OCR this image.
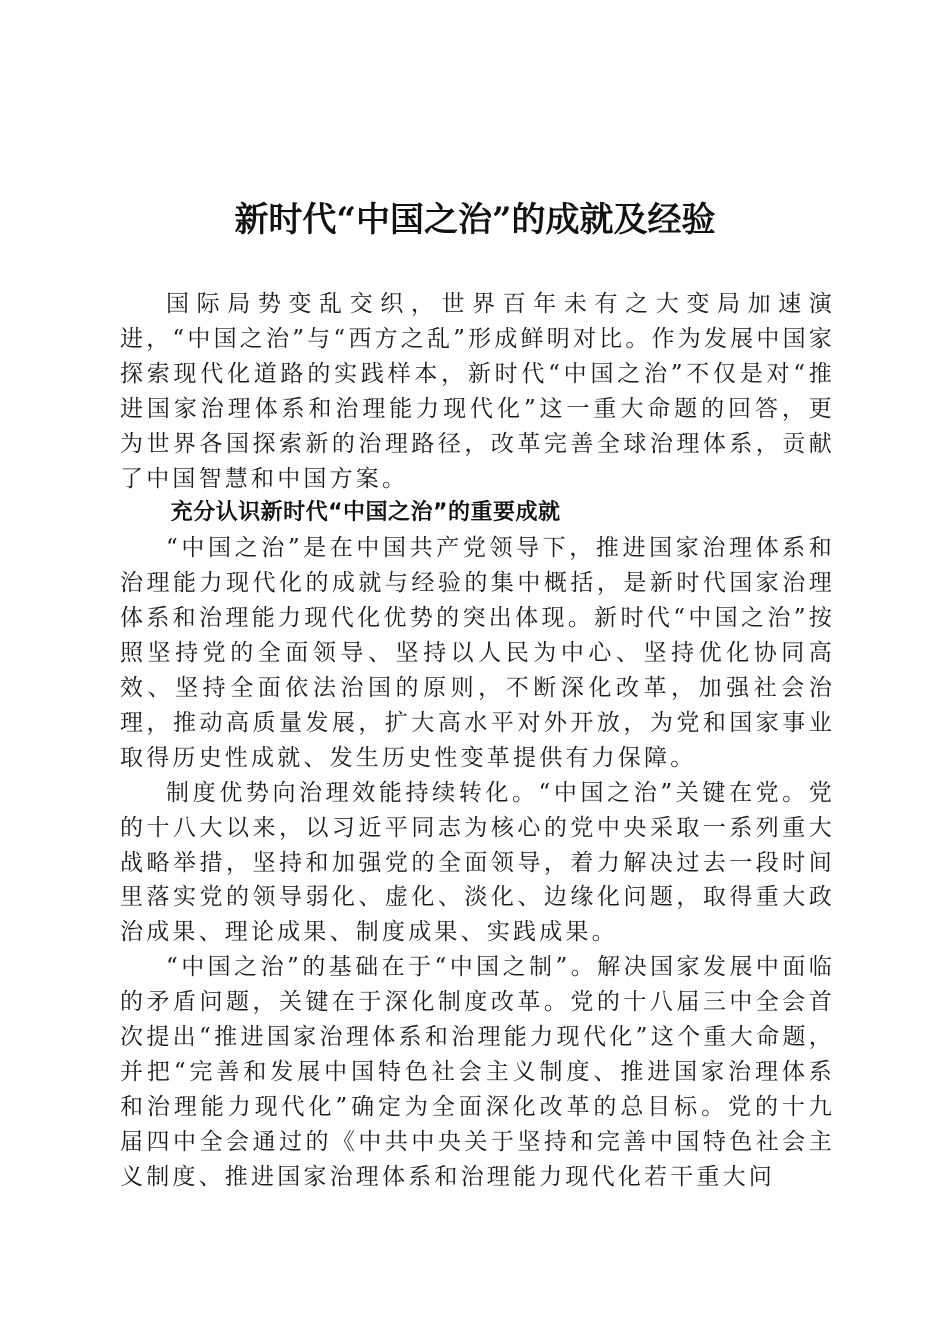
新时代“中国之治”的成就及经验

国际局势变乱交织，世界百年未有之大变局加速演进，“中国之治”与“西方之乱”形成鲜明对比。作为发展中国家探索现代化道路的实践样本，新时代“中国之治”不仅是对“推进国家治理体系和治理能力现代化”这一重大命题的回答，更为世界各国探索新的治理路径，改革完善全球治理体系，贡献了中国智慧和中国方案。

充分认识新时代“中国之治”的重要成就

“中国之治”是在中国共产党领导下，推进国家治理体系和治理能力现代化的成就与经验的集中概括，是新时代国家治理体系和治理能力现代化优势的突出体现。新时代“中国之治”按照坚持党的全面领导、坚持以人民为中心、坚持优化协同高效、坚持全面依法治国的原则，不断深化改革，加强社会治理，推动高质量发展，扩大高水平对外开放，为党和国家事业取得历史性成就、发生历史性变革提供有力保障。

制度优势向治理效能持续转化。“中国之治”关键在党。党的十八大以来，以习近平同志为核心的党中央采取一系列重大战略举措，坚持和加强党的全面领导，着力解决过去一段时间里落实党的领导弱化、虚化、淡化、边缘化问题，取得重大政治成果、理论成果、制度成果、实践成果。

“中国之治”的基础在于“中国之制”。解决国家发展中面临的矛盾问题，关键在于深化制度改革。党的十八届三中全会首次提出“推进国家治理体系和治理能力现代化”这个重大命题，并把“完善和发展中国特色社会主义制度、推进国家治理体系和治理能力现代化”确定为全面深化改革的总目标。党的十九届四中全会通过的《中共中央关于坚持和完善中国特色社会主义制度、推进国家治理体系和治理能力现代化若干重大问
